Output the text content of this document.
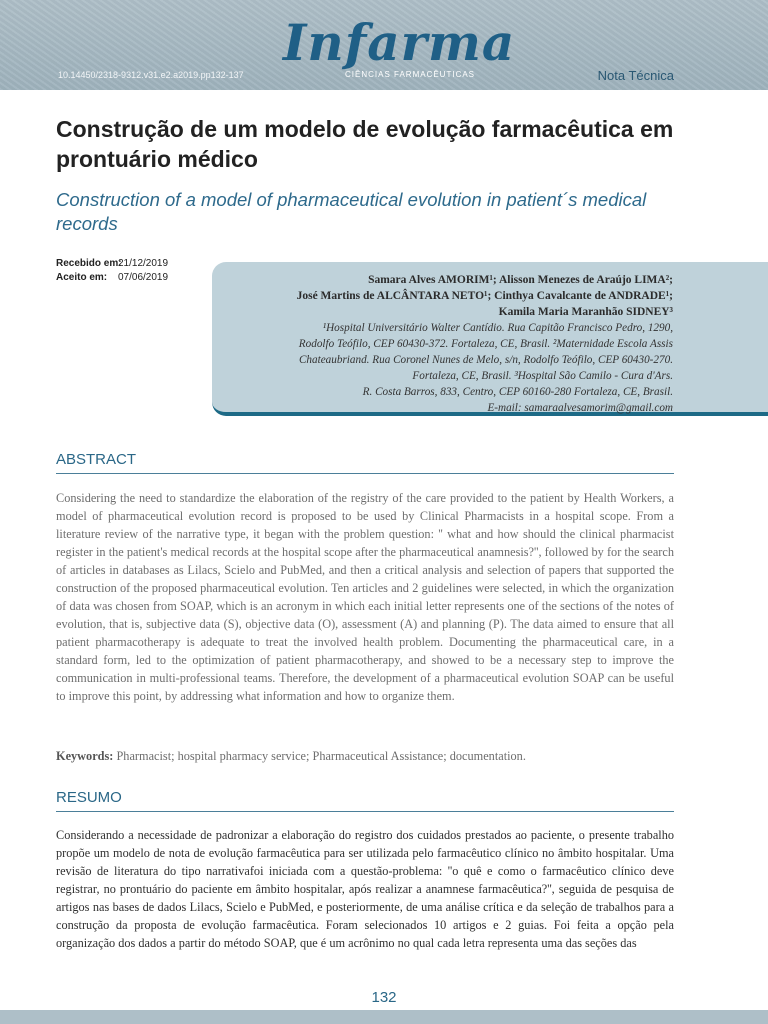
10.14450/2318-9312.v31.e2.a2019.pp132-137
Infarma
CIÊNCIAS FARMACÊUTICAS	Nota Técnica
Construção de um modelo de evolução farmacêutica em prontuário médico
Construction of a model of pharmaceutical evolution in patient´s medical records
Recebido em:21/12/2019
Aceito em: 07/06/2019	Samara Alves AMORIM¹; Alisson Menezes de Araújo LIMA²;
José Martins de ALCÂNTARA NETO¹; Cinthya Cavalcante de ANDRADE¹;
Kamila Maria Maranhão SIDNEY³
¹Hospital Universitário Walter Cantídio. Rua Capitão Francisco Pedro, 1290,
Rodolfo Teófilo, CEP 60430-372. Fortaleza, CE, Brasil. ²Maternidade Escola Assis
Chateaubriand. Rua Coronel Nunes de Melo, s/n, Rodolfo Teófilo, CEP 60430-270.
Fortaleza, CE, Brasil. ³Hospital São Camilo - Cura d'Ars.
R. Costa Barros, 833, Centro, CEP 60160-280 Fortaleza, CE, Brasil.
E-mail: samaraalvesamorim@gmail.com
ABSTRACT
Considering the need to standardize the elaboration of the registry of the care provided to the patient by Health Workers, a model of pharmaceutical evolution record is proposed to be used by Clinical Pharmacists in a hospital scope. From a literature review of the narrative type, it began with the problem question: '' what and how should the clinical pharmacist register in the patient's medical records at the hospital scope after the pharmaceutical anamnesis?'', followed by for the search of articles in databases as Lilacs, Scielo and PubMed, and then a critical analysis and selection of papers that supported the construction of the proposed pharmaceutical evolution. Ten articles and 2 guidelines were selected, in which the organization of data was chosen from SOAP, which is an acronym in which each initial letter represents one of the sections of the notes of evolution, that is, subjective data (S), objective data (O), assessment (A) and planning (P). The data aimed to ensure that all patient pharmacotherapy is adequate to treat the involved health problem. Documenting the pharmaceutical care, in a standard form, led to the optimization of patient pharmacotherapy, and showed to be a necessary step to improve the communication in multi-professional teams. Therefore, the development of a pharmaceutical evolution SOAP can be useful to improve this point, by addressing what information and how to organize them.
Keywords: Pharmacist; hospital pharmacy service; Pharmaceutical Assistance; documentation.
RESUMO
Considerando a necessidade de padronizar a elaboração do registro dos cuidados prestados ao paciente, o presente trabalho propõe um modelo de nota de evolução farmacêutica para ser utilizada pelo farmacêutico clínico no âmbito hospitalar. Uma revisão de literatura do tipo narrativafoi iniciada com a questão-problema: ''o quê e como o farmacêutico clínico deve registrar, no prontuário do paciente em âmbito hospitalar, após realizar a anamnese farmacêutica?'', seguida de pesquisa de artigos nas bases de dados Lilacs, Scielo e PubMed, e posteriormente, de uma análise crítica e da seleção de trabalhos para a construção da proposta de evolução farmacêutica. Foram selecionados 10 artigos e 2 guias. Foi feita a opção pela organização dos dados a partir do método SOAP, que é um acrônimo no qual cada letra representa uma das seções das
132
